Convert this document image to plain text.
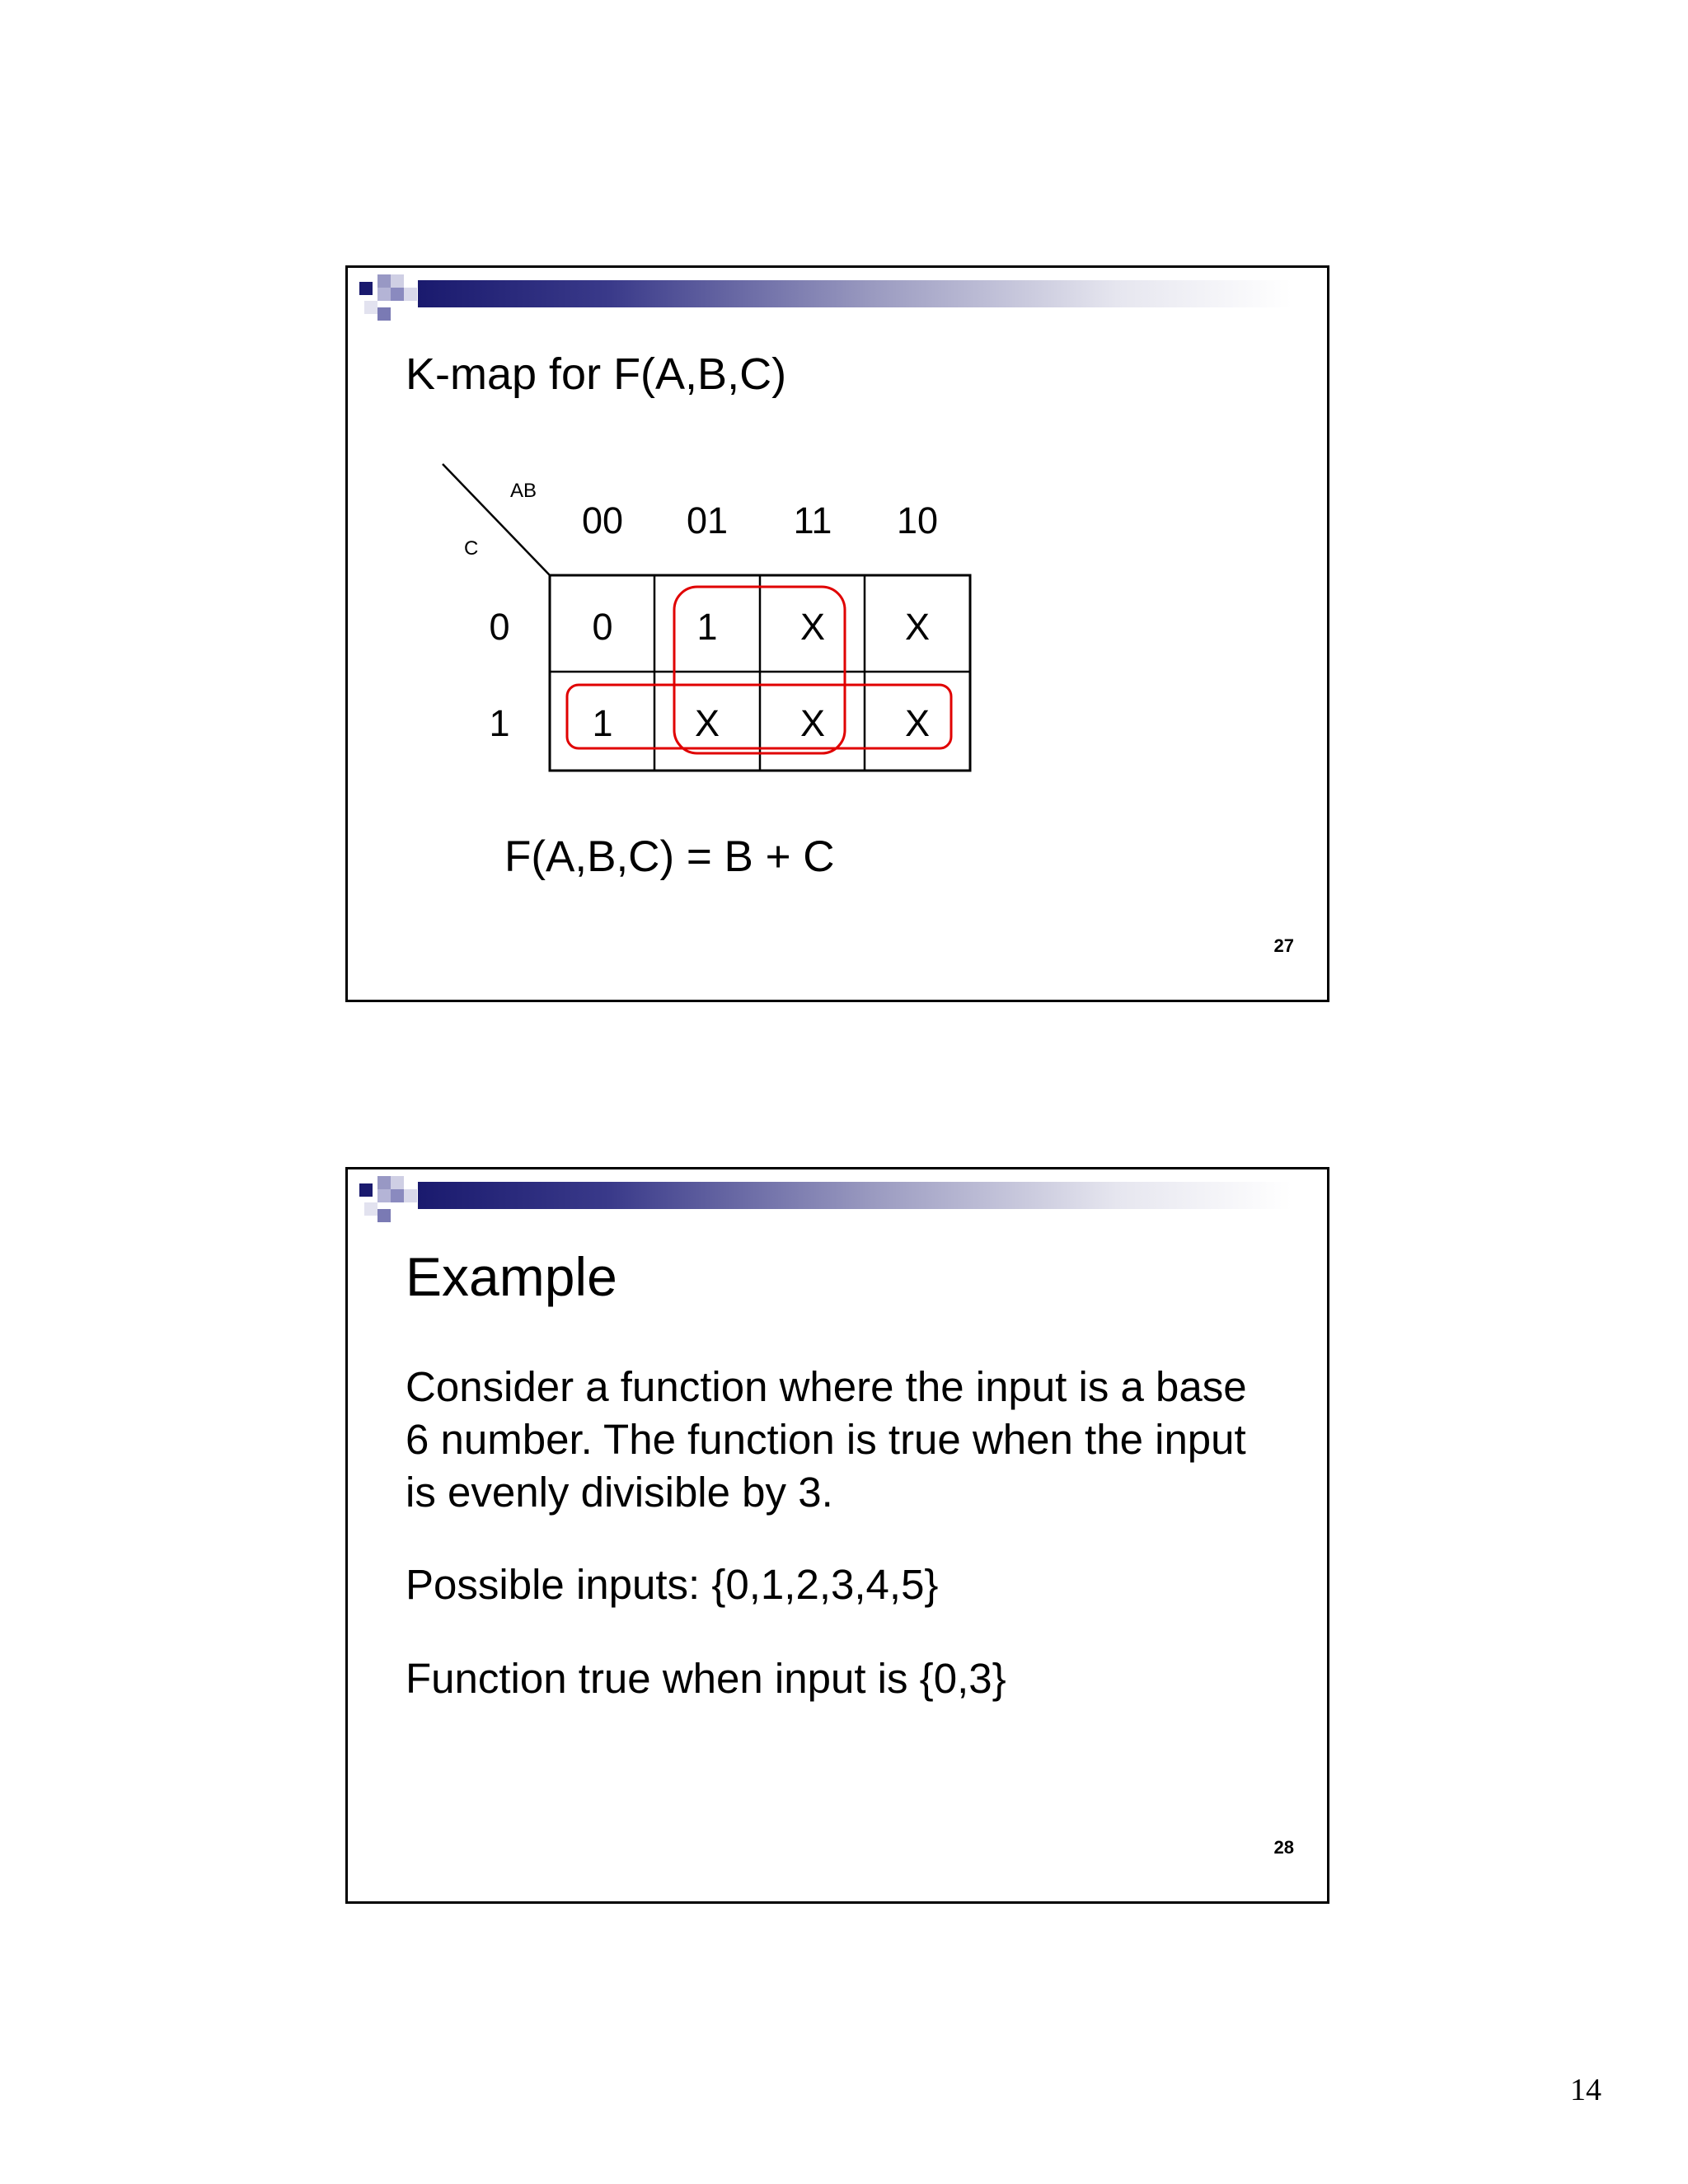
K-map for F(A,B,C)
AB
C
00 01 11 10
0
1
0 1 X X
1 X X X
F(A,B,C) = B + C
27
Example
Consider a function where the input is a base 6 number. The function is true when the input is evenly divisible by 3.
Possible inputs: {0,1,2,3,4,5}
Function true when input is {0,3}
28
14
